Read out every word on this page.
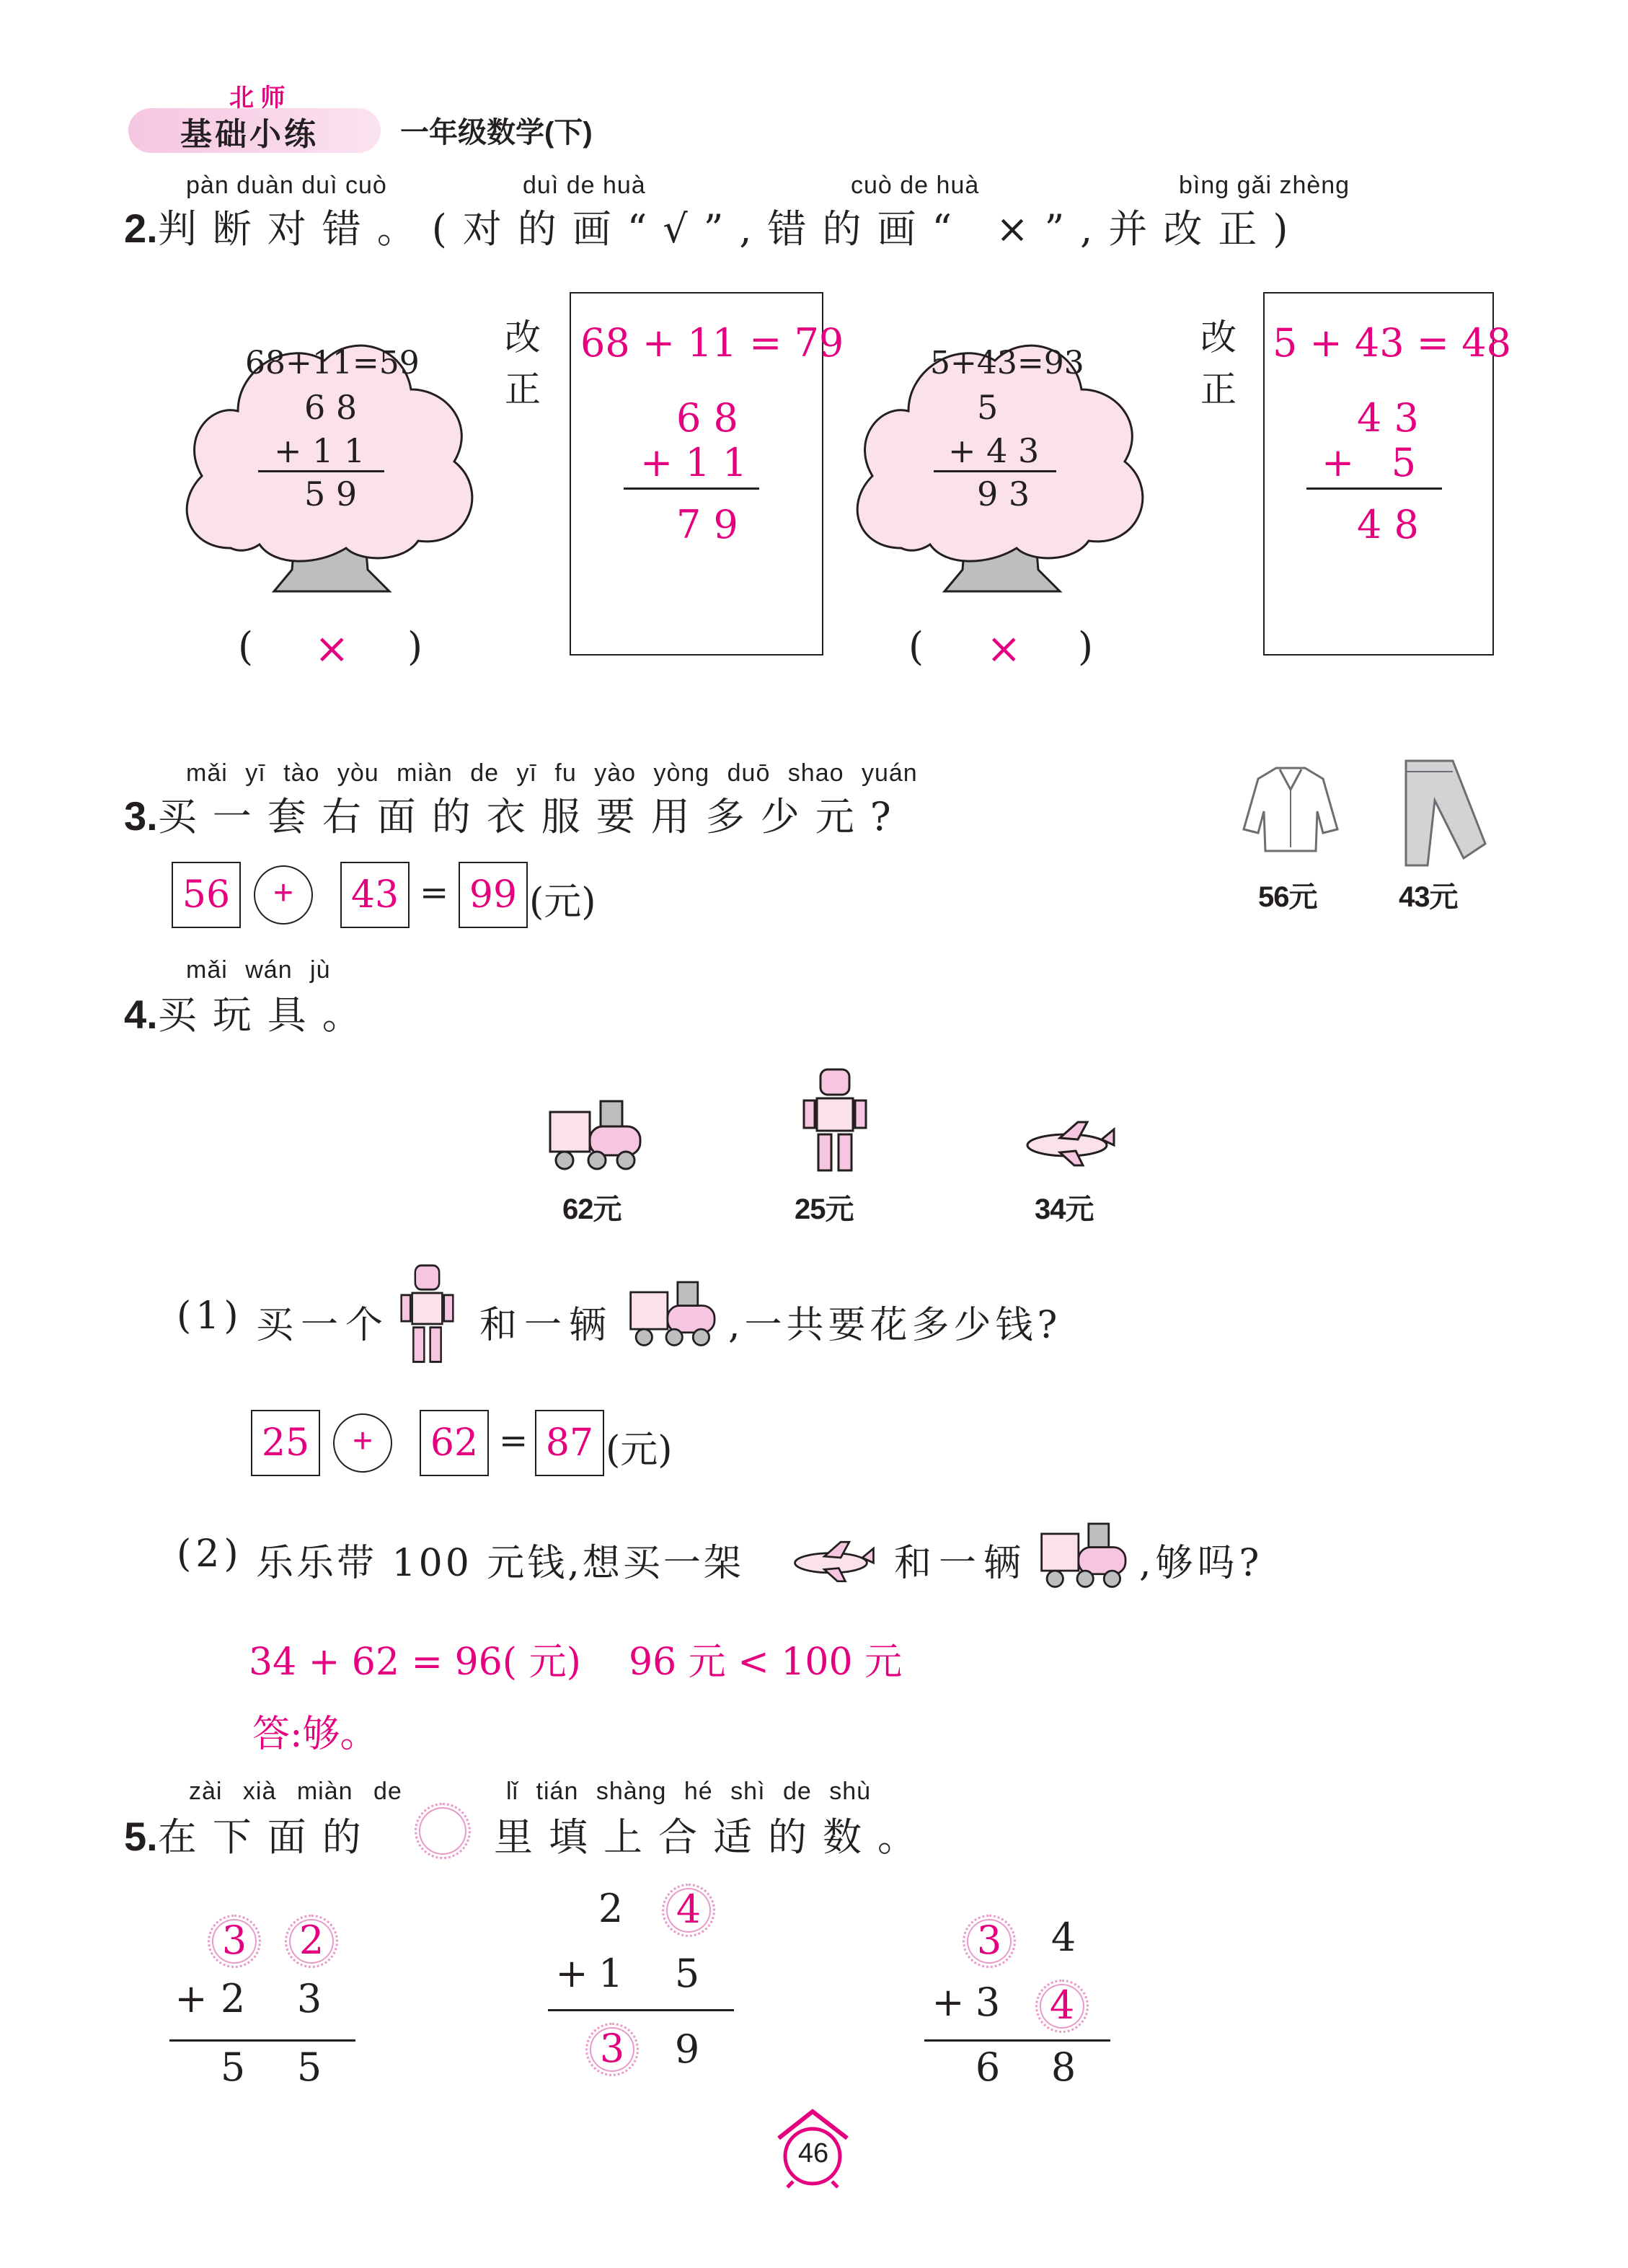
北 师
基础小练	一年级数学(下)
pàn duàn duì cuò	duì de huà	cuò de huà	bìng gǎi zhèng
2.判断对错。(对的画“√”,错的画“ ×”,并改正)
68+11=59
6 8
+ 1 1
5 9
( × )
改正
68 + 11 = 79
6 8
+ 1 1
7 9
5+43=93
5
+ 4 3
9 3
( × )
改正
5 + 43 = 48
4 3
+   5
4 8
mǎi yī tào yòu miàn de yī fu yào yòng duō shao yuán
3.买一套右面的衣服要用多少元?
56	+	43 = 99 (元)	56元	43元
mǎi wán jù
4.买玩具。
62元	25元	34元
(1) 买一个 和一辆	,一共要花多少钱?
25	+	62 = 87 (元)
(2) 乐乐带 100 元钱,想买一架	和一辆	,够吗?
34 + 62 = 96( 元)    96 元 < 100 元
答:够。
zài xià miàn de	lǐ tián shàng hé shì de shù
5.在下面的	里填上合适的数。
3	2
+ 2 3
5 5
2	4
+ 1 5
3	9
3	4
+ 3	4
6 8
46
